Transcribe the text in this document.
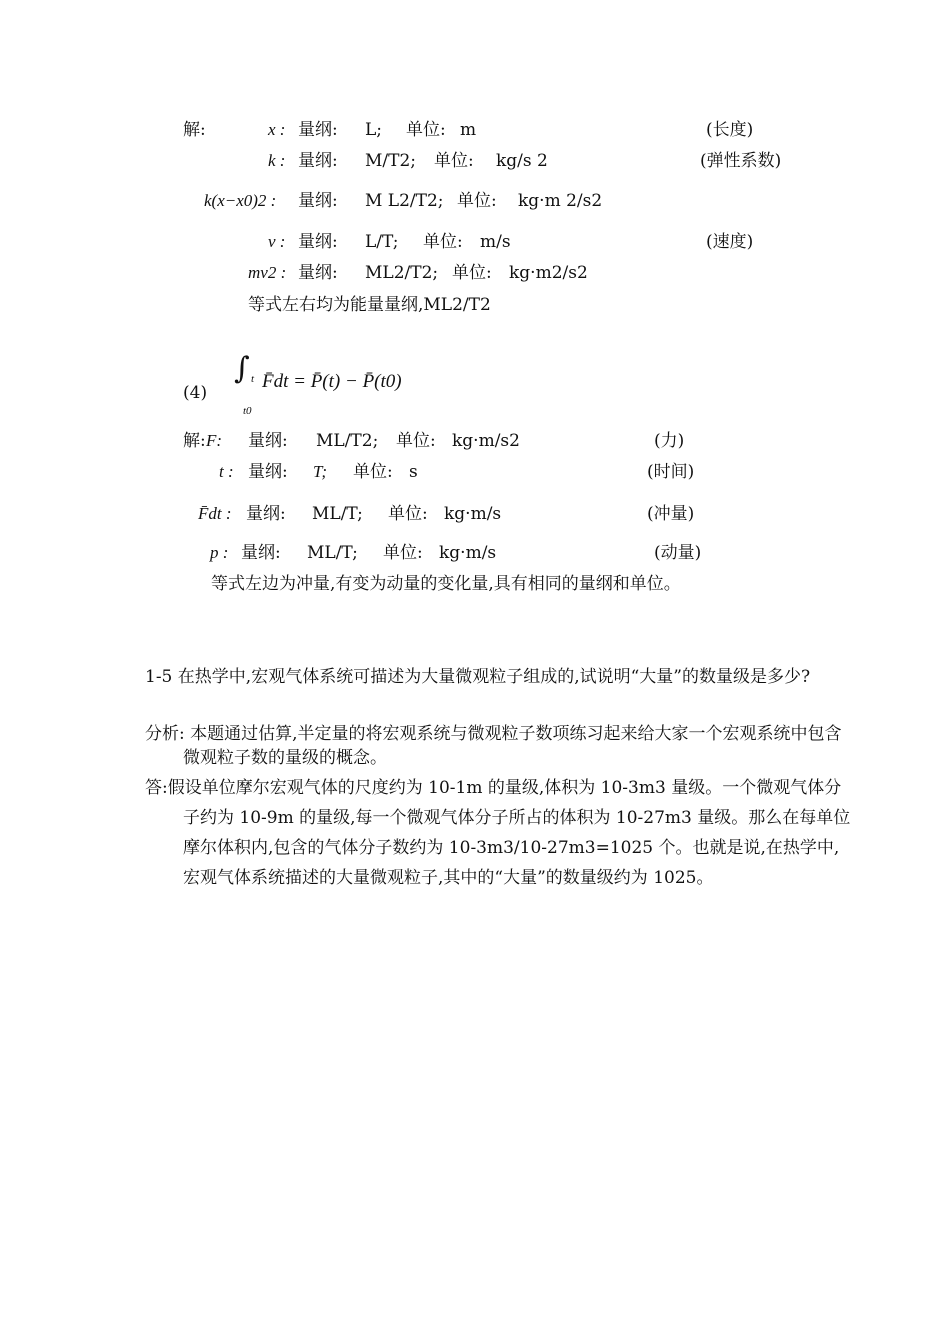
解:	x : 量纲: L; 单位: m	(长度)
k : 量纲: M/T2; 单位: kg/s 2	(弹性系数)
k(x−x0)2 : 量纲: M L2/T2; 单位: kg·m 2/s2
v : 量纲: L/T; 单位: m/s	(速度)
mv2 : 量纲: ML2/T2; 单位: kg·m2/s2
等式左右均为能量量纲,ML2/T2
(4)
∫ t
t0
F̄dt = P̄(t) − P̄(t0)
解: F: 量纲: ML/T2; 单位: kg·m/s2	(力)
t : 量纲: T; 单位: s	(时间)
F̄dt : 量纲: ML/T; 单位: kg·m/s	(冲量)
p : 量纲: ML/T; 单位: kg·m/s	(动量)
等式左边为冲量,有变为动量的变化量,具有相同的量纲和单位。
1-5 在热学中,宏观气体系统可描述为大量微观粒子组成的,试说明“大量”的数量级是多少?
分析: 本题通过估算,半定量的将宏观系统与微观粒子数项练习起来给大家一个宏观系统中包含微观粒子数的量级的概念。
答:假设单位摩尔宏观气体的尺度约为 10-1m 的量级,体积为 10-3m3 量级。一个微观气体分子约为 10-9m 的量级,每一个微观气体分子所占的体积为 10-27m3 量级。那么在每单位摩尔体积内,包含的气体分子数约为 10-3m3/10-27m3=1025 个。也就是说,在热学中,宏观气体系统描述的大量微观粒子,其中的“大量”的数量级约为 1025。
